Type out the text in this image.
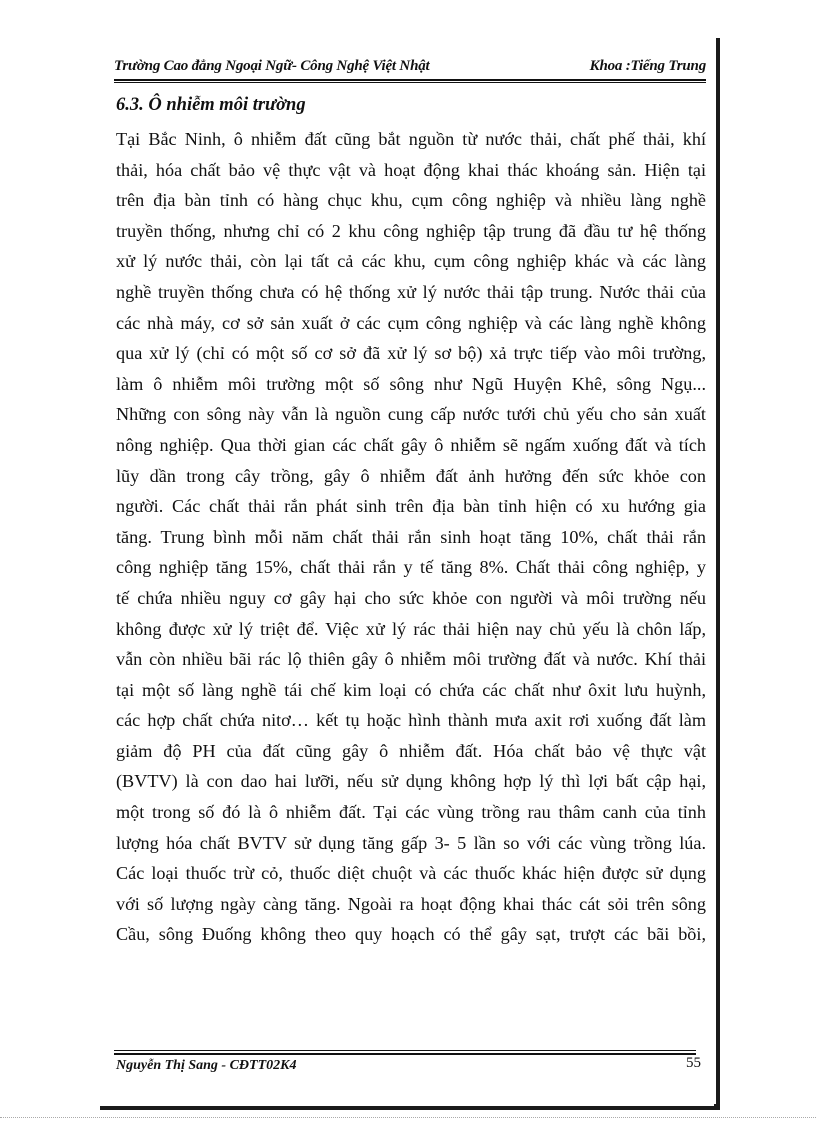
Trường Cao đẳng Ngoại Ngữ- Công Nghệ Việt Nhật	Khoa :Tiếng Trung
6.3. Ô nhiễm môi trường
Tại Bắc Ninh, ô nhiễm đất cũng bắt nguồn từ nước thải, chất phế thải, khí
thải, hóa chất bảo vệ thực vật và hoạt động khai thác khoáng sản. Hiện tại
trên địa bàn tỉnh có hàng chục khu, cụm công nghiệp và nhiều làng nghề
truyền thống, nhưng chỉ có 2 khu công nghiệp tập trung đã đầu tư hệ thống
xử lý nước thải, còn lại tất cả các khu, cụm công nghiệp khác và các làng
nghề truyền thống chưa có hệ thống xử lý nước thải tập trung. Nước thải của
các nhà máy, cơ sở sản xuất ở các cụm công nghiệp và các làng nghề không
qua xử lý (chỉ có một số cơ sở đã xử lý sơ bộ) xả trực tiếp vào môi trường,
làm ô nhiễm môi trường một số sông như Ngũ Huyện Khê, sông Ngụ...
Những con sông này vẫn là nguồn cung cấp nước tưới chủ yếu cho sản xuất
nông nghiệp. Qua thời gian các chất gây ô nhiễm sẽ ngấm xuống đất và tích
lũy dần trong cây trồng, gây ô nhiễm đất ảnh hưởng đến sức khỏe con
người. Các chất thải rắn phát sinh trên địa bàn tỉnh hiện có xu hướng gia
tăng. Trung bình mỗi năm chất thải rắn sinh hoạt tăng 10%, chất thải rắn
công nghiệp tăng 15%, chất thải rắn y tế tăng 8%. Chất thải công nghiệp, y
tế chứa nhiều nguy cơ gây hại cho sức khỏe con người và môi trường nếu
không được xử lý triệt để. Việc xử lý rác thải hiện nay chủ yếu là chôn lấp,
vẫn còn nhiều bãi rác lộ thiên gây ô nhiễm môi trường đất và nước. Khí thải
tại một số làng nghề tái chế kim loại có chứa các chất như ôxit lưu huỳnh,
các hợp chất chứa nitơ… kết tụ hoặc hình thành mưa axit rơi xuống đất làm
giảm độ PH của đất cũng gây ô nhiễm đất. Hóa chất bảo vệ thực vật
(BVTV) là con dao hai lưỡi, nếu sử dụng không hợp lý thì lợi bất cập hại,
một trong số đó là ô nhiễm đất. Tại các vùng trồng rau thâm canh của tỉnh
lượng hóa chất BVTV sử dụng tăng gấp 3- 5 lần so với các vùng trồng lúa.
Các loại thuốc trừ cỏ, thuốc diệt chuột và các thuốc khác hiện được sử dụng
với số lượng ngày càng tăng. Ngoài ra hoạt động khai thác cát sỏi trên sông
Cầu, sông Đuống không theo quy hoạch có thể gây sạt, trượt các bãi bồi,
Nguyễn Thị Sang - CĐTT02K4	55
